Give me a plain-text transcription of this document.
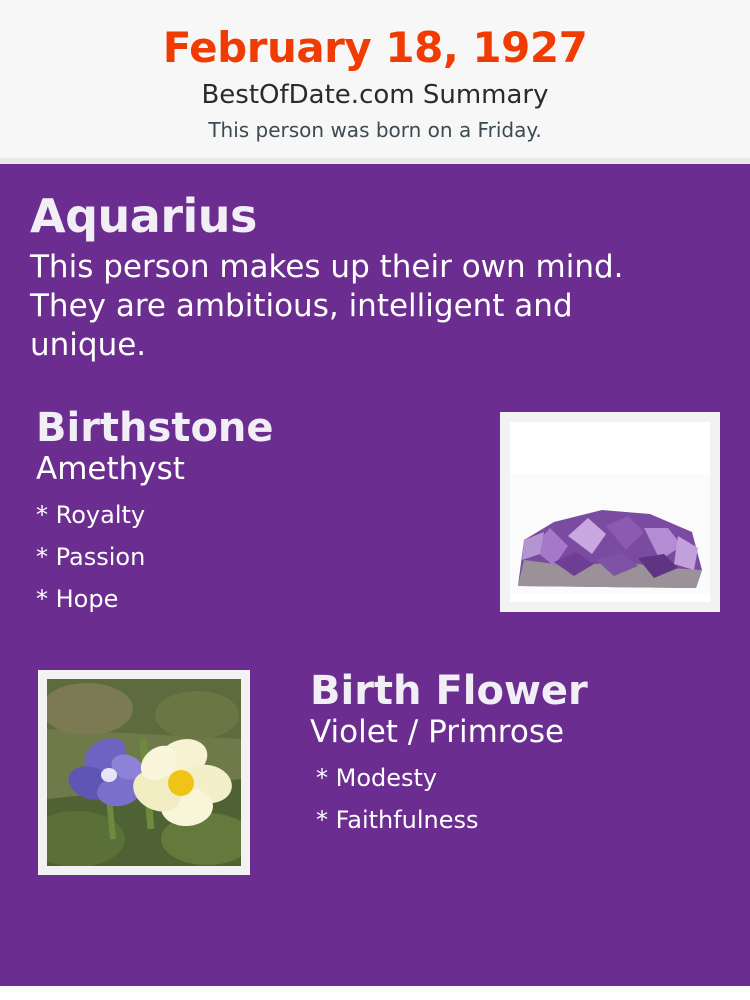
February 18, 1927
BestOfDate.com Summary
This person was born on a Friday.
Aquarius
This person makes up their own mind. They are ambitious, intelligent and unique.
Birthstone
Amethyst
* Royalty
* Passion
* Hope
Birth Flower
Violet / Primrose
* Modesty
* Faithfulness
